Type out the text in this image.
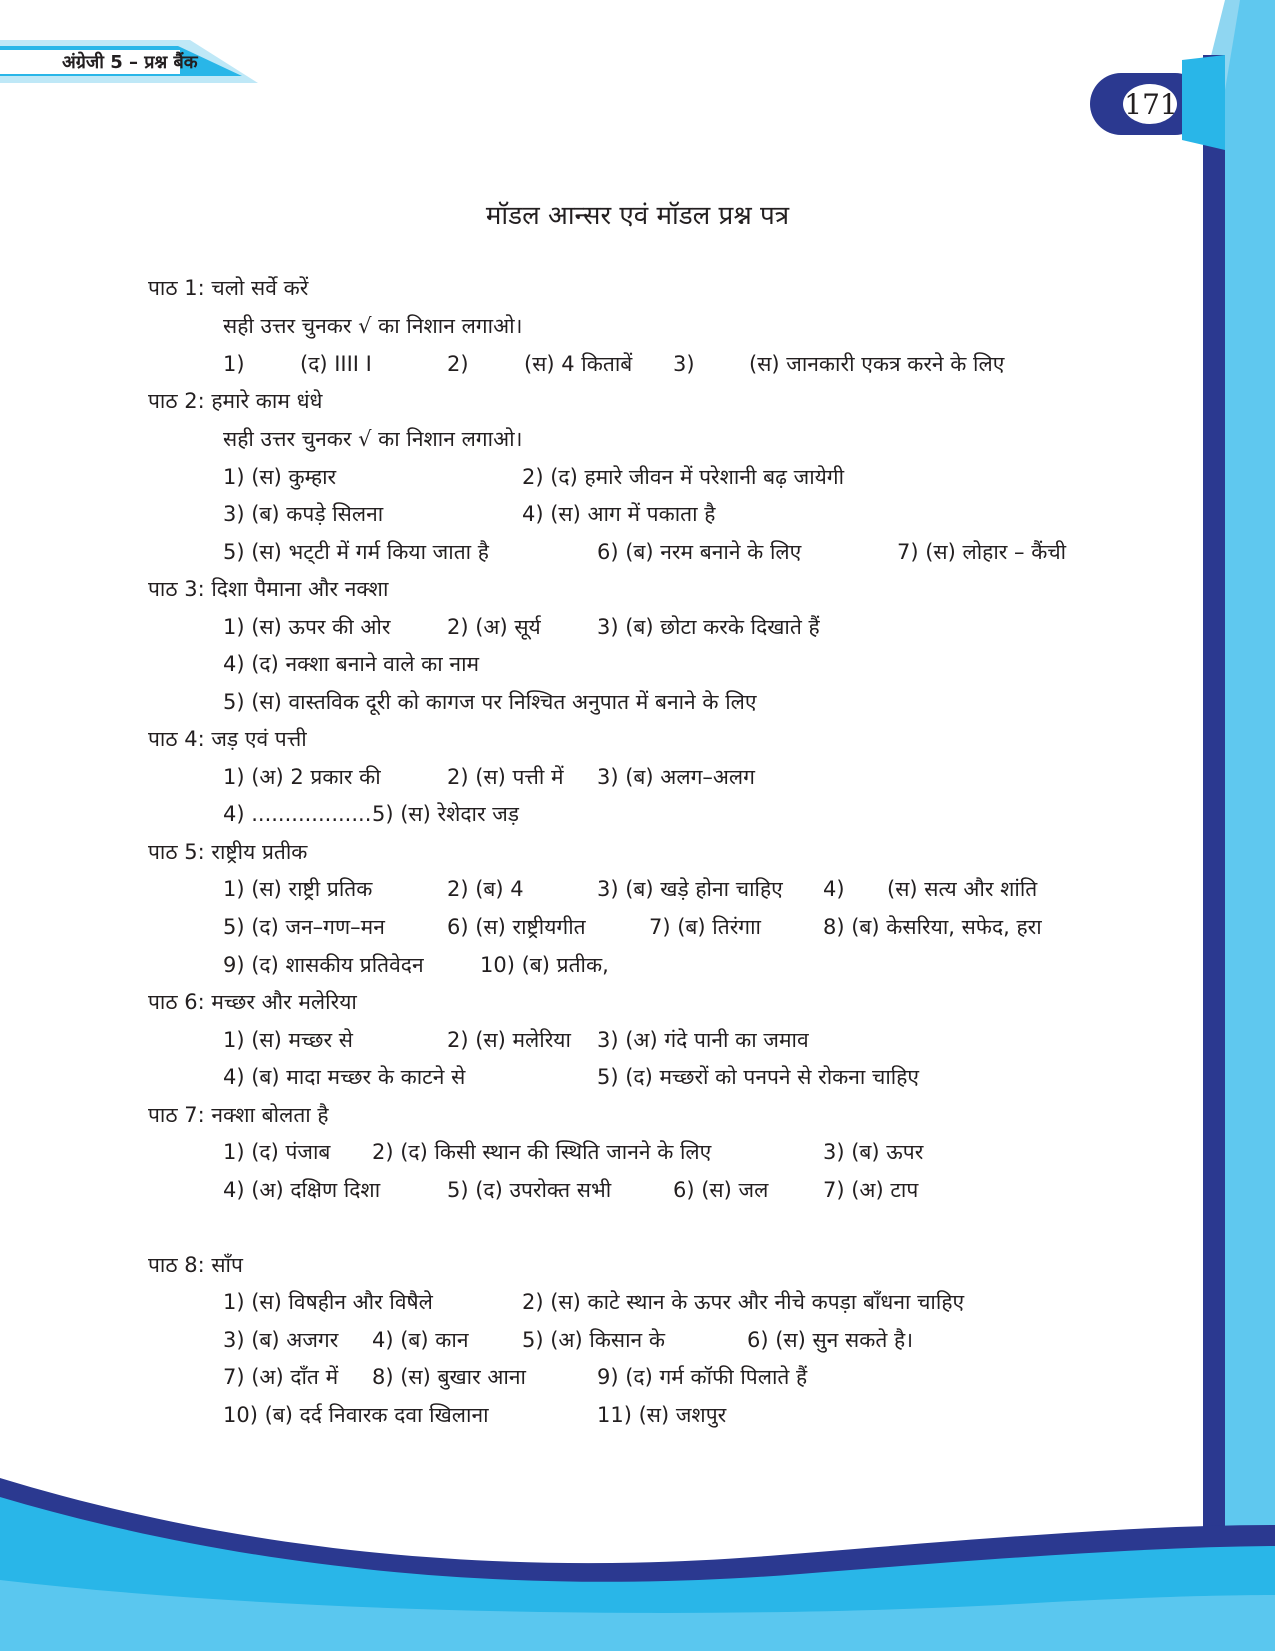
अंग्रेजी 5 – प्रश्न बैंक
171
मॉडल आन्सर एवं मॉडल प्रश्न पत्र
पाठ 1: चलो सर्वे करें
सही उत्तर चुनकर √ का निशान लगाओ।
1)	(द) IIII I	2)	(स) 4 किताबें 3)	(स) जानकारी एकत्र करने के लिए
पाठ 2: हमारे काम धंधे
सही उत्तर चुनकर √ का निशान लगाओ।
1) (स) कुम्हार	2) (द) हमारे जीवन में परेशानी बढ़ जायेगी
3) (ब) कपड़े सिलना	4) (स) आग में पकाता है
5) (स) भट्‌टी में गर्म किया जाता है	6) (ब) नरम बनाने के लिए	7) (स) लोहार – कैंची
पाठ 3: दिशा पैमाना और नक्शा
1) (स) ऊपर की ओर	2) (अ) सूर्य	3) (ब) छोटा करके दिखाते हैं
4) (द) नक्शा बनाने वाले का नाम
5) (स) वास्तविक दूरी को कागज पर निश्चित अनुपात में बनाने के लिए
पाठ 4: जड़ एवं पत्ती
1) (अ) 2 प्रकार की	2) (स) पत्ती में 3) (ब) अलग–अलग
4) .................. 5) (स) रेशेदार जड़
पाठ 5: राष्ट्रीय प्रतीक
1) (स) राष्ट्री प्रतिक	2) (ब) 4	3) (ब) खड़े होना चाहिए 4) (स) सत्य और शांति
5) (द) जन–गण–मन	6) (स) राष्ट्रीयगीत	7) (ब) तिरंगाा	8) (ब) केसरिया, सफेद, हरा
9) (द) शासकीय प्रतिवेदन	10) (ब) प्रतीक,
पाठ 6: मच्छर और मलेरिया
1) (स) मच्छर से	2) (स) मलेरिया 3) (अ) गंदे पानी का जमाव
4) (ब) मादा मच्छर के काटने से	5) (द) मच्छरों को पनपने से रोकना चाहिए
पाठ 7: नक्शा बोलता है
1) (द) पंजाब 2) (द) किसी स्थान की स्थिति जानने के लिए	3) (ब) ऊपर
4) (अ) दक्षिण दिशा	5) (द) उपरोक्त सभी	6) (स) जल	7) (अ) टाप
पाठ 8: साँप
1) (स) विषहीन और विषैले	2) (स) काटे स्थान के ऊपर और नीचे कपड़ा बाँधना चाहिए
3) (ब) अजगर 4) (ब) कान	5) (अ) किसान के	6) (स) सुन सकते है।
7) (अ) दाँत में 8) (स) बुखार आना	9) (द) गर्म कॉफी पिलाते हैं
10) (ब) दर्द निवारक दवा खिलाना	11) (स) जशपुर
